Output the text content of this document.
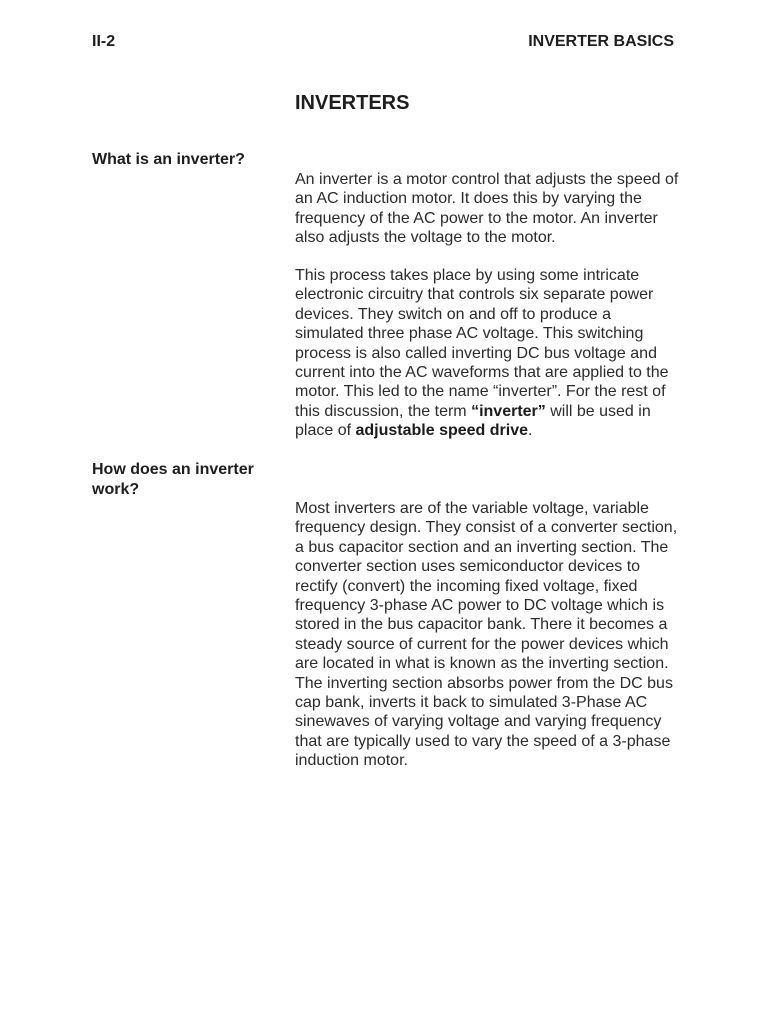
II-2	INVERTER BASICS
INVERTERS
What is an inverter?

An inverter is a motor control that adjusts the speed of an AC induction motor. It does this by varying the frequency of the AC power to the motor. An inverter also adjusts the voltage to the motor.

This process takes place by using some intricate electronic circuitry that controls six separate power devices. They switch on and off to produce a simulated three phase AC voltage. This switching process is also called inverting DC bus voltage and current into the AC waveforms that are applied to the motor. This led to the name “inverter”. For the rest of this discussion, the term “inverter” will be used in place of adjustable speed drive.

How does an inverter work?

Most inverters are of the variable voltage, variable frequency design. They consist of a converter section, a bus capacitor section and an inverting section. The converter section uses semiconductor devices to rectify (convert) the incoming fixed voltage, fixed frequency 3-phase AC power to DC voltage which is stored in the bus capacitor bank. There it becomes a steady source of current for the power devices which are located in what is known as the inverting section. The inverting section absorbs power from the DC bus cap bank, inverts it back to simulated 3-Phase AC sinewaves of varying voltage and varying frequency that are typically used to vary the speed of a 3-phase induction motor.
